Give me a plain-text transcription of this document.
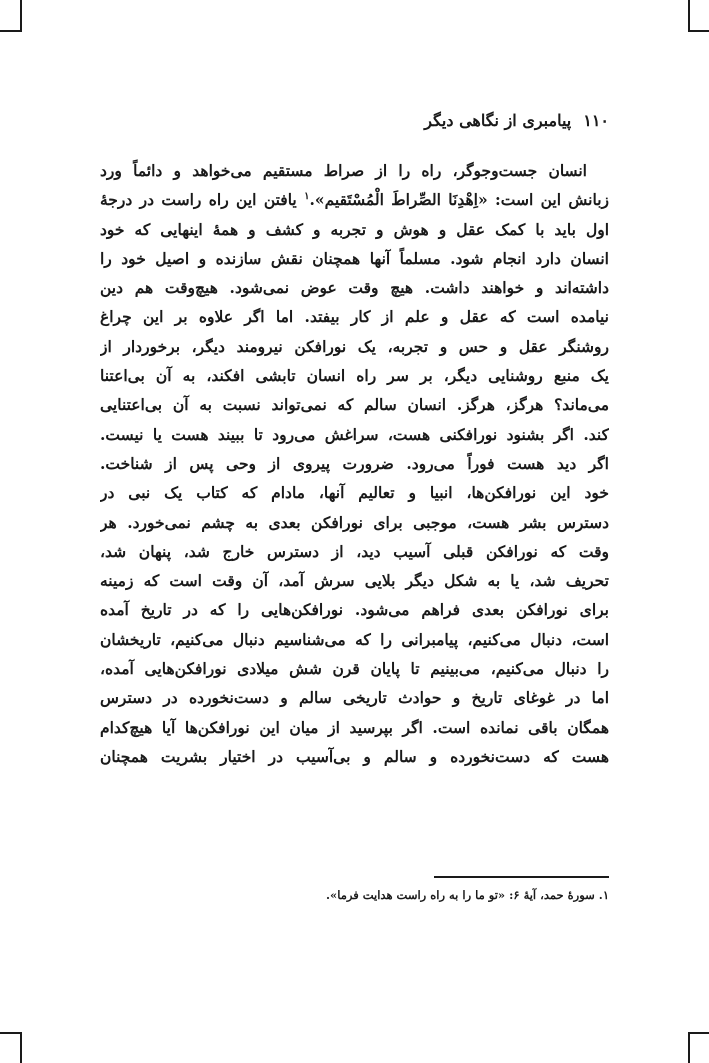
۱۱۰پیامبری از نگاهی دیگر
انسان جست‌وجوگر، راه را از صراط مستقیم می‌خواهد و دائماً ورد
زبانش این است: «اِهْدِنَا الصِّراطَ الْمُسْتَقیم».$^۱$ یافتن این راه راست در درجهٔ
اول باید با کمک عقل و هوش و تجربه و کشف و همهٔ اینهایی که خود
انسان دارد انجام شود. مسلماً آنها همچنان نقش سازنده و اصیل خود را
داشته‌اند و خواهند داشت. هیچ وقت عوض نمی‌شود. هیچ‌وقت هم دین
نیامده است که عقل و علم از کار بیفتد. اما اگر علاوه بر این چراغ
روشنگر عقل و حس و تجربه، یک نورافکن نیرومند دیگر، برخوردار از
یک منبع روشنایی دیگر، بر سر راه انسان تابشی افکند، به آن بی‌اعتنا
می‌ماند؟ هرگز، هرگز. انسان سالم که نمی‌تواند نسبت به آن بی‌اعتنایی
کند. اگر بشنود نورافکنی هست، سراغش می‌رود تا ببیند هست یا نیست.
اگر دید هست فوراً می‌رود. ضرورت پیروی از وحی پس از شناخت.
خود این نورافکن‌ها، انبیا و تعالیم آنها، مادام که کتاب یک نبی در
دسترس بشر هست، موجبی برای نورافکن بعدی به چشم نمی‌خورد. هر
وقت که نورافکن قبلی آسیب دید، از دسترس خارج شد، پنهان شد،
تحریف شد، یا به شکل دیگر بلایی سرش آمد، آن وقت است که زمینه
برای نورافکن بعدی فراهم می‌شود. نورافکن‌هایی را که در تاریخ آمده
است، دنبال می‌کنیم، پیامبرانی را که می‌شناسیم دنبال می‌کنیم، تاریخشان
را دنبال می‌کنیم، می‌بینیم تا پایان قرن شش میلادی نورافکن‌هایی آمده،
اما در غوغای تاریخ و حوادث تاریخی سالم و دست‌نخورده در دسترس
همگان باقی نمانده است. اگر بپرسید از میان این نورافکن‌ها آیا هیچ‌کدام
هست که دست‌نخورده و سالم و بی‌آسیب در اختیار بشریت همچنان
۱. سورهٔ حمد، آیهٔ ۶: «تو ما را به راه راست هدایت فرما».
